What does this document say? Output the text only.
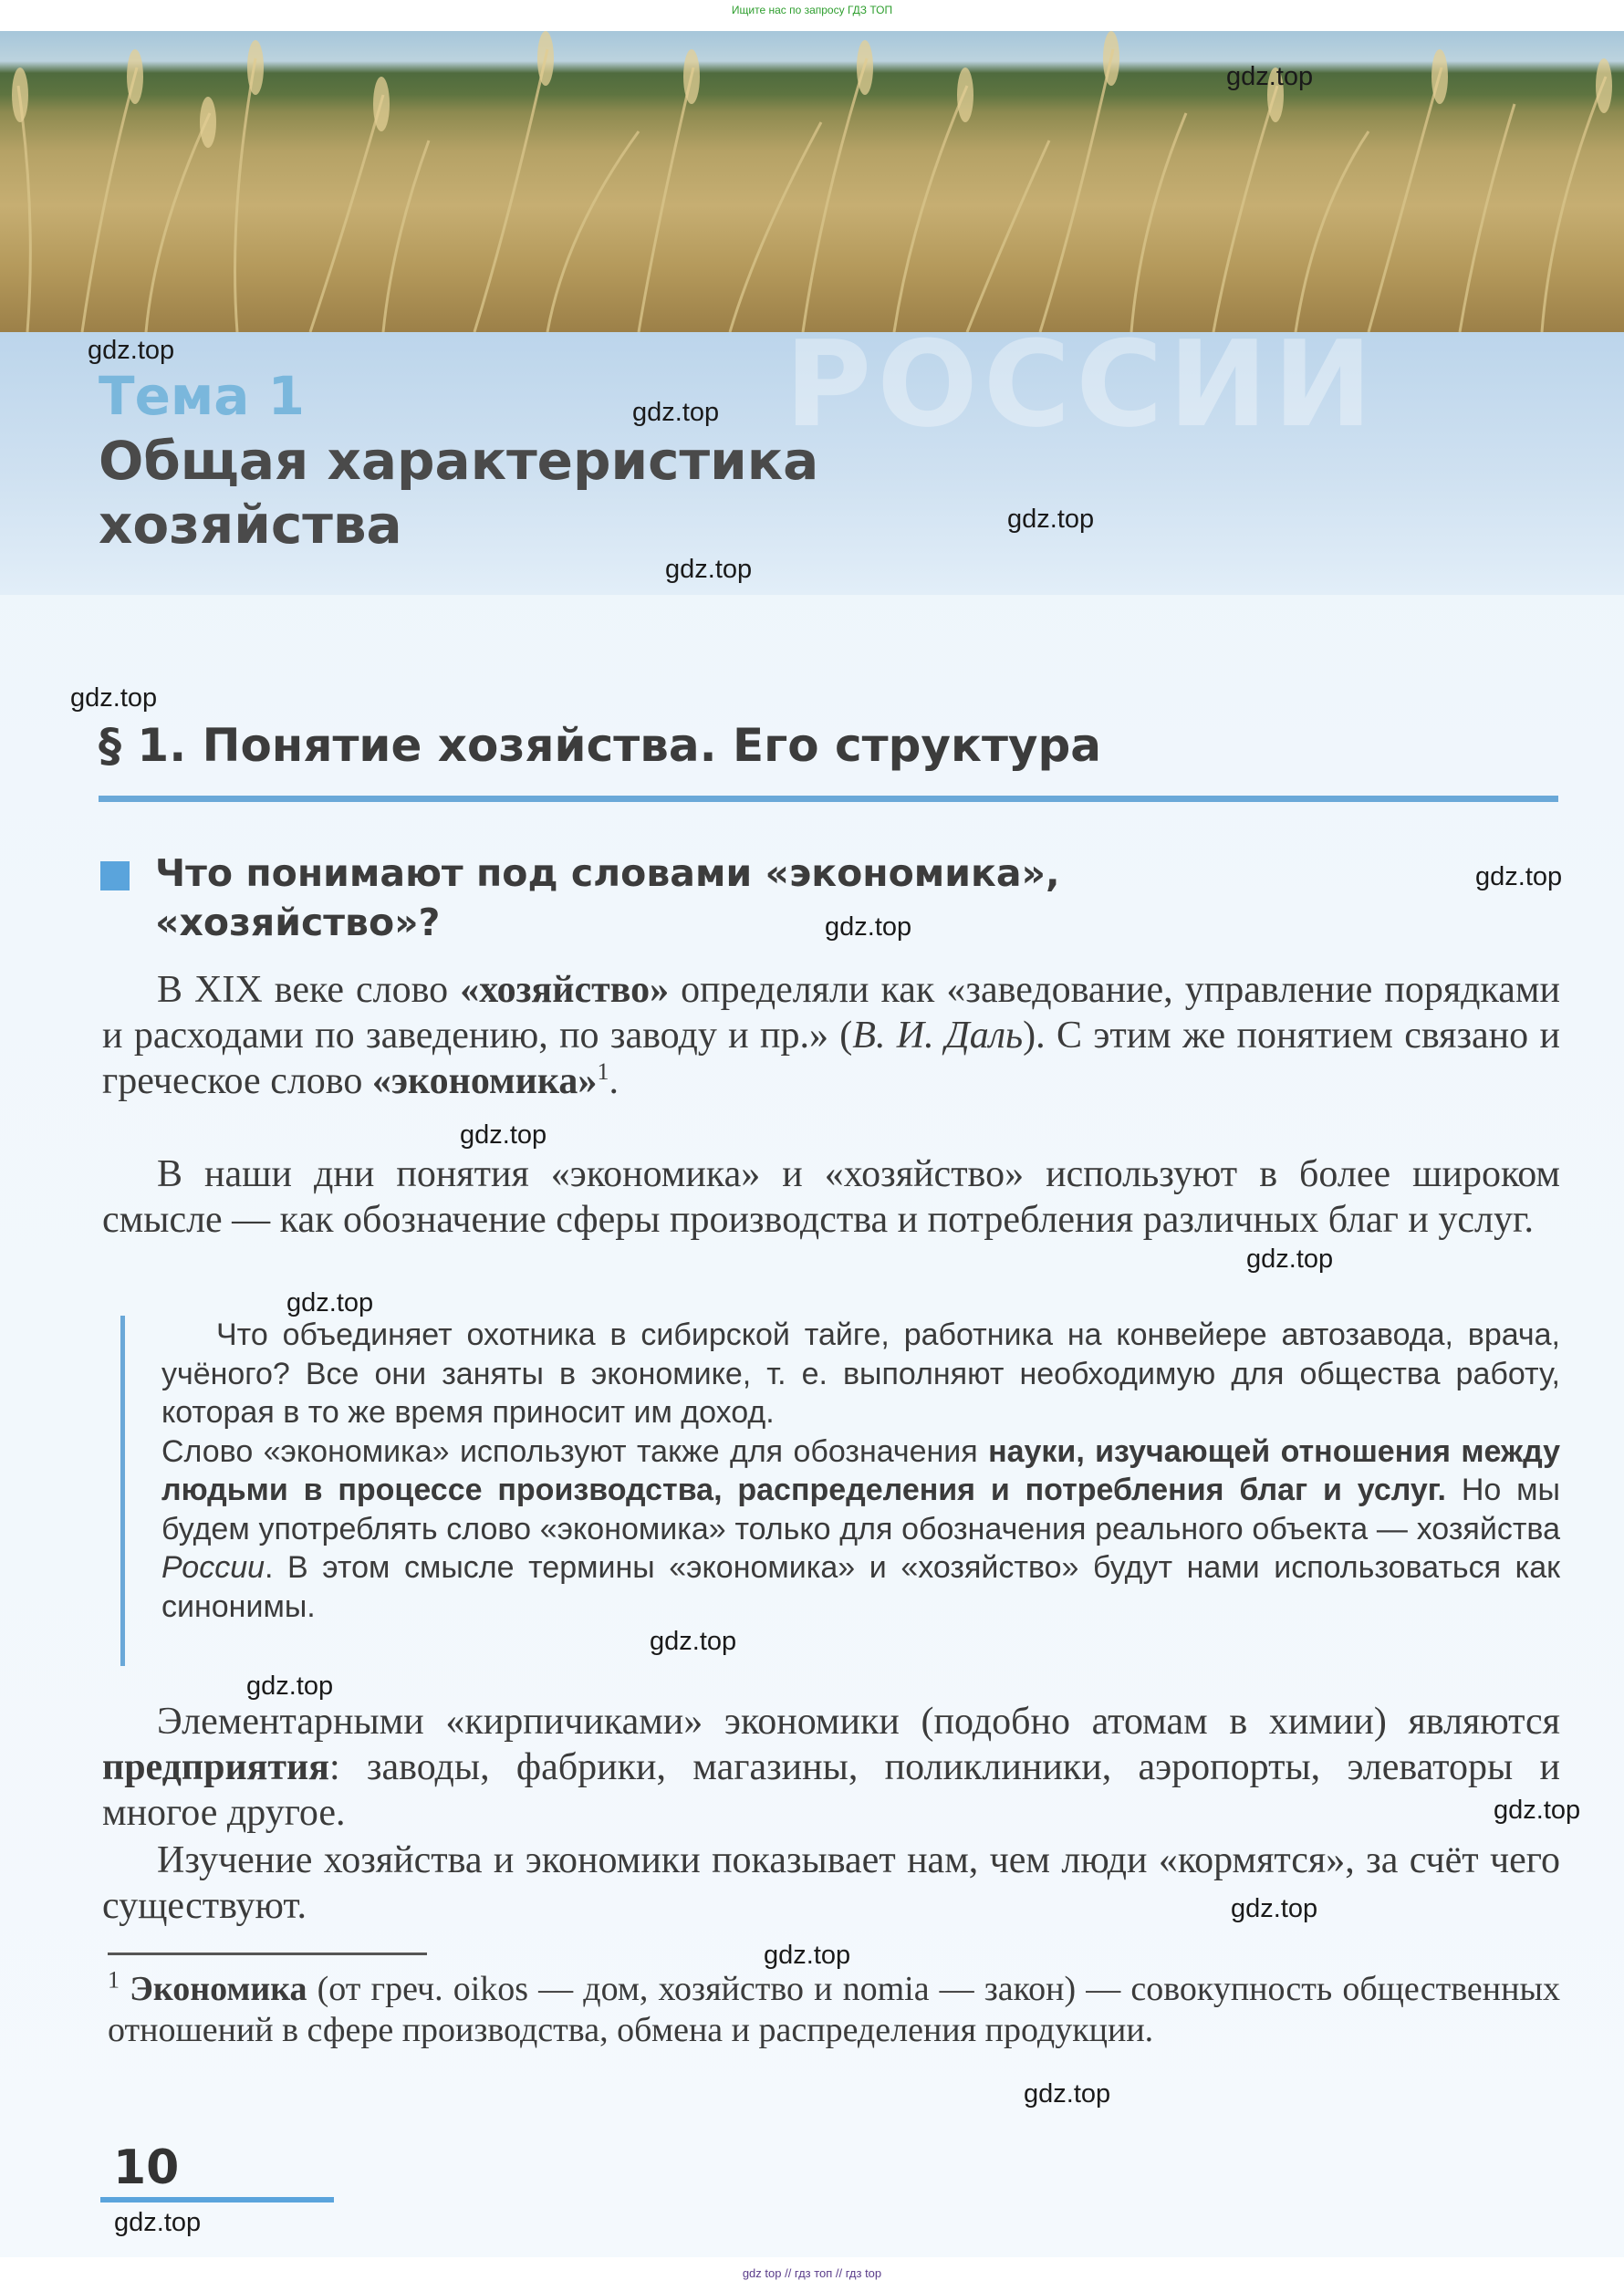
Ищите нас по запросу ГДЗ ТОП
gdz.top
РОССИИ
Тема 1
Общая характеристика хозяйства
§ 1. Понятие хозяйства. Его структура
Что понимают под словами «экономика», «хозяйство»?

В XIX веке слово «хозяйство» определяли как «заведование, управление порядками и расходами по заведению, по заводу и пр.» (В. И. Даль). С этим же понятием связано и греческое слово «экономика»$^1$.

В наши дни понятия «экономика» и «хозяйство» используют в более широком смысле — как обозначение сферы производства и потребления различных благ и услуг.

Что объединяет охотника в сибирской тайге, работника на конвейере автозавода, врача, учёного? Все они заняты в экономике, т. е. выполняют необходимую для общества работу, которая в то же время приносит им доход.

Слово «экономика» используют также для обозначения науки, изучающей отношения между людьми в процессе производства, распределения и потребления благ и услуг. Но мы будем употреблять слово «экономика» только для обозначения реального объекта — хозяйства России. В этом смысле термины «экономика» и «хозяйство» будут нами использоваться как синонимы.

Элементарными «кирпичиками» экономики (подобно атомам в химии) являются предприятия: заводы, фабрики, магазины, поликлиники, аэропорты, элеваторы и многое другое.

Изучение хозяйства и экономики показывает нам, чем люди «кормятся», за счёт чего существуют.

$^1$ Экономика (от греч. oikos — дом, хозяйство и nomia — закон) — совокупность общественных отношений в сфере производства, обмена и распределения продукции.

10

gdz.top
gdz.top
gdz.top
gdz.top
gdz.top
gdz.top
gdz.top
gdz.top
gdz.top
gdz.top
gdz.top
gdz.top
gdz.top
gdz.top
gdz.top
gdz.top
gdz.top
gdz top // гдз топ // гдз top
